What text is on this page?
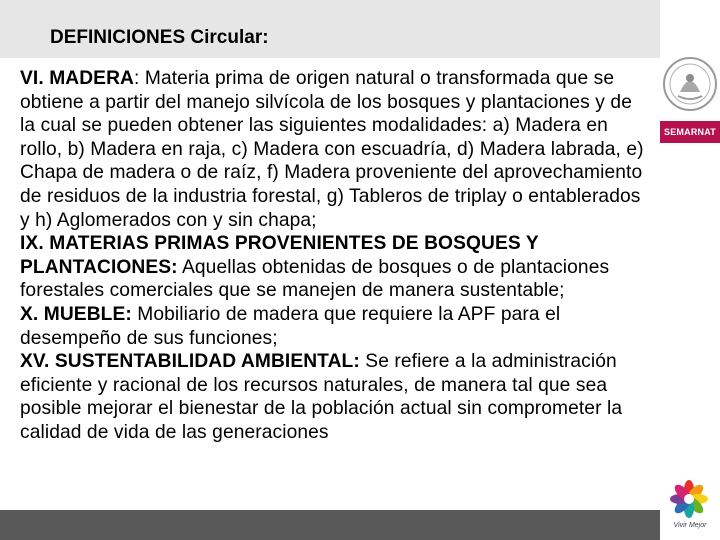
DEFINICIONES Circular:

VI. MADERA: Materia prima de origen natural o transformada que se obtiene a partir del manejo silvícola de los bosques y plantaciones y de la cual se pueden obtener las siguientes modalidades: a) Madera en rollo, b) Madera en raja, c) Madera con escuadría, d) Madera labrada, e) Chapa de madera o de raíz, f) Madera proveniente del aprovechamiento de residuos de la industria forestal, g) Tableros de triplay o entablerados y h) Aglomerados con y sin chapa;

IX. MATERIAS PRIMAS PROVENIENTES DE BOSQUES Y PLANTACIONES: Aquellas obtenidas de bosques o de plantaciones forestales comerciales que se manejen de manera sustentable;

X. MUEBLE: Mobiliario de madera que requiere la APF para el desempeño de sus funciones;

XV. SUSTENTABILIDAD AMBIENTAL: Se refiere a la administración eficiente y racional de los recursos naturales, de manera tal que sea posible mejorar el bienestar de la población actual sin comprometer la calidad de vida de las generaciones

SEMARNAT
Vivir Mejor
